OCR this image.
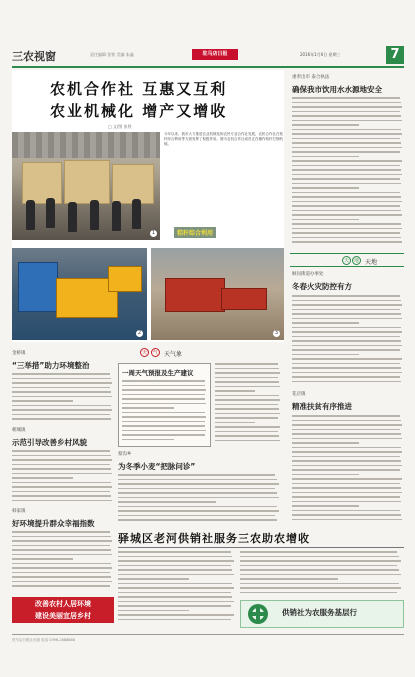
三农视窗	责任编辑 张铁 美编 朱鑫	驻马店日报	2016年1月6日 星期三	7
农机合作社 互惠又互利
农业机械化 增产又增收
□ 文/图 张铁
1
今年以来，我市大力推进农业机械化和农民专业合作社发展，农机合作社在秸秆综合利用等方面发挥了积极作用。图为农机合作社成员正在操作秸秆打捆机械。
秸秆综合利用
2	3
重奉出市 泰合执法
确保我市饮用水水源地安全
天 地	天地
顾问街道办事处
冬春火灾防控有方
花店镇
精准扶贫有序推进
金桥镇
“三举措”助力环境整治
朝城镇
示范引导改善乡村风貌
韩家镇
好环境提升群众幸福指数
改善农村人居环境
建设美丽宜居乡村
天	气	天气象
一周天气预报及生产建议
蔡沟乡
为冬季小麦“把脉问诊”
驿城区老河供销社服务三农助农增收
供销社为农服务基层行
驻马店日报社出版 电话 0396-2888888
